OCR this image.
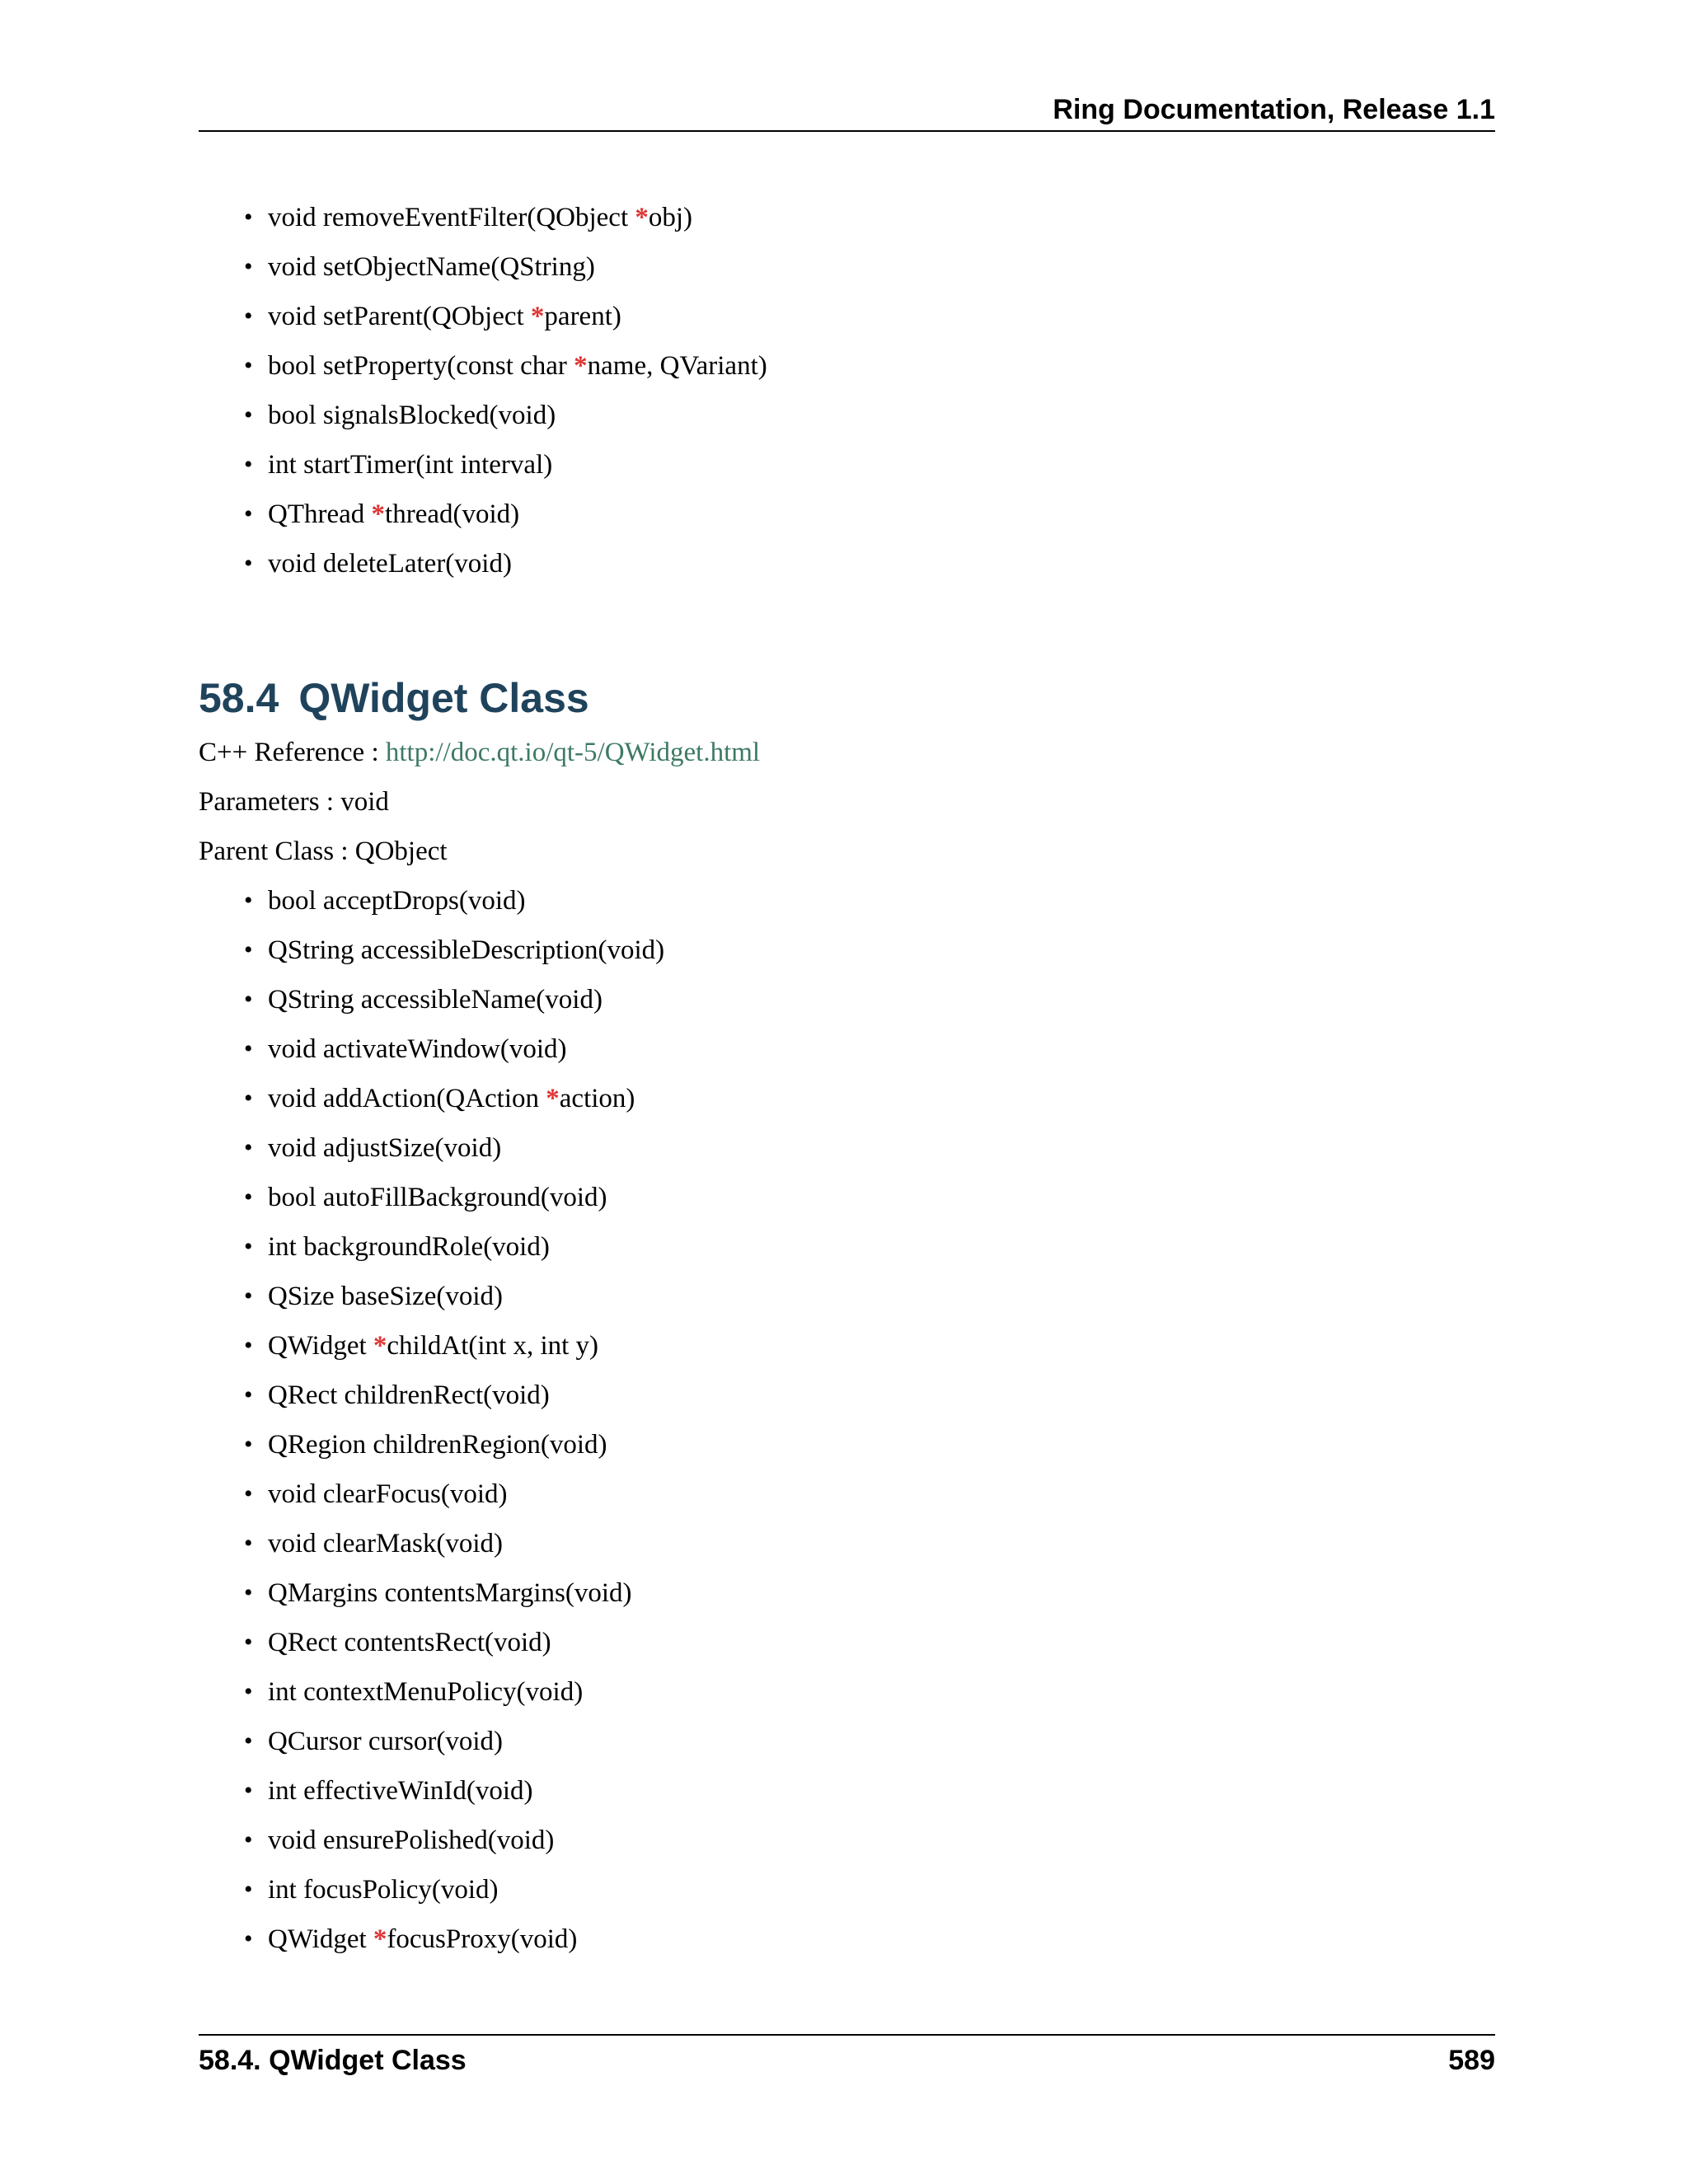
Ring Documentation, Release 1.1
• void removeEventFilter(QObject *obj)
• void setObjectName(QString)
• void setParent(QObject *parent)
• bool setProperty(const char *name, QVariant)
• bool signalsBlocked(void)
• int startTimer(int interval)
• QThread *thread(void)
• void deleteLater(void)
58.4 QWidget Class
C++ Reference : http://doc.qt.io/qt-5/QWidget.html
Parameters : void
Parent Class : QObject
• bool acceptDrops(void)
• QString accessibleDescription(void)
• QString accessibleName(void)
• void activateWindow(void)
• void addAction(QAction *action)
• void adjustSize(void)
• bool autoFillBackground(void)
• int backgroundRole(void)
• QSize baseSize(void)
• QWidget *childAt(int x, int y)
• QRect childrenRect(void)
• QRegion childrenRegion(void)
• void clearFocus(void)
• void clearMask(void)
• QMargins contentsMargins(void)
• QRect contentsRect(void)
• int contextMenuPolicy(void)
• QCursor cursor(void)
• int effectiveWinId(void)
• void ensurePolished(void)
• int focusPolicy(void)
• QWidget *focusProxy(void)
58.4. QWidget Class	589
